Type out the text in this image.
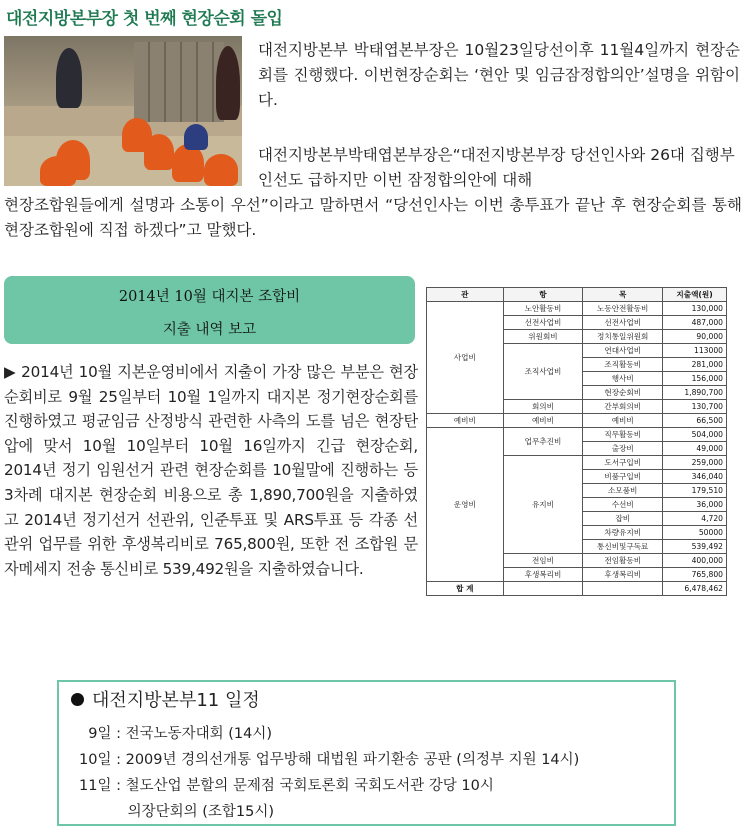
대전지방본부장 첫 번째 현장순회 돌입
대전지방본부 박태엽본부장은 10월23일당선이후 11월4일까지 현장순회를 진행했다. 이번현장순회는 ‘현안 및 임금잠정합의안’설명을 위함이다.
대전지방본부박태엽본부장은“대전지방본부장 당선인사와 26대 집행부 인선도 급하지만 이번 잠정합의안에 대해
현장조합원들에게 설명과 소통이 우선”이라고 말하면서 “당선인사는 이번 총투표가 끝난 후 현장순회를 통해 현장조합원에 직접 하겠다”고 말했다.
2014년 10월 대지본 조합비
지출 내역 보고
▶ 2014년 10월 지본운영비에서 지출이 가장 많은 부분은 현장순회비로 9월 25일부터 10월 1일까지 대지본 정기현장순회를 진행하였고 평균임금 산정방식 관련한 사측의 도를 넘은 현장탄압에 맞서 10월 10일부터 10월 16일까지 긴급 현장순회, 2014년 정기 임원선거 관련 현장순회를 10월말에 진행하는 등 3차례 대지본 현장순회 비용으로 총 1,890,700원을 지출하였고 2014년 정기선거 선관위, 인준투표 및 ARS투표 등 각종 선관위 업무를 위한 후생복리비로 765,800원, 또한 전 조합원 문자메세지 전송 통신비로 539,492원을 지출하였습니다.
관	항	목	지출액(원)
사업비	노안활동비	노동안전활동비	130,000
	선전사업비	선전사업비	487,000
	위원회비	정치통일위원회	90,000
	조직사업비	연대사업비	113000
		조직활동비	281,000
		행사비	156,000
		현장순회비	1,890,700
	회의비	간부회의비	130,700
예비비	예비비	예비비	66,500
운영비	업무추진비	직무활동비	504,000
		출장비	49,000
	유지비	도서구입비	259,000
		비품구입비	346,040
		소모품비	179,510
		수선비	36,000
		잡비	4,720
		차량유지비	50000
		통신비및구독료	539,492
	전임비	전임활동비	400,000
	후생복리비	후생복리비	765,800
합 계			6,478,462
대전지방본부11 일정
9일 : 전국노동자대회 (14시)
10일 : 2009년 경의선개통 업무방해 대법원 파기환송 공판 (의정부 지원 14시)
11일 : 철도산업 분할의 문제점 국회토론회 국회도서관 강당 10시
의장단회의 (조합15시)
